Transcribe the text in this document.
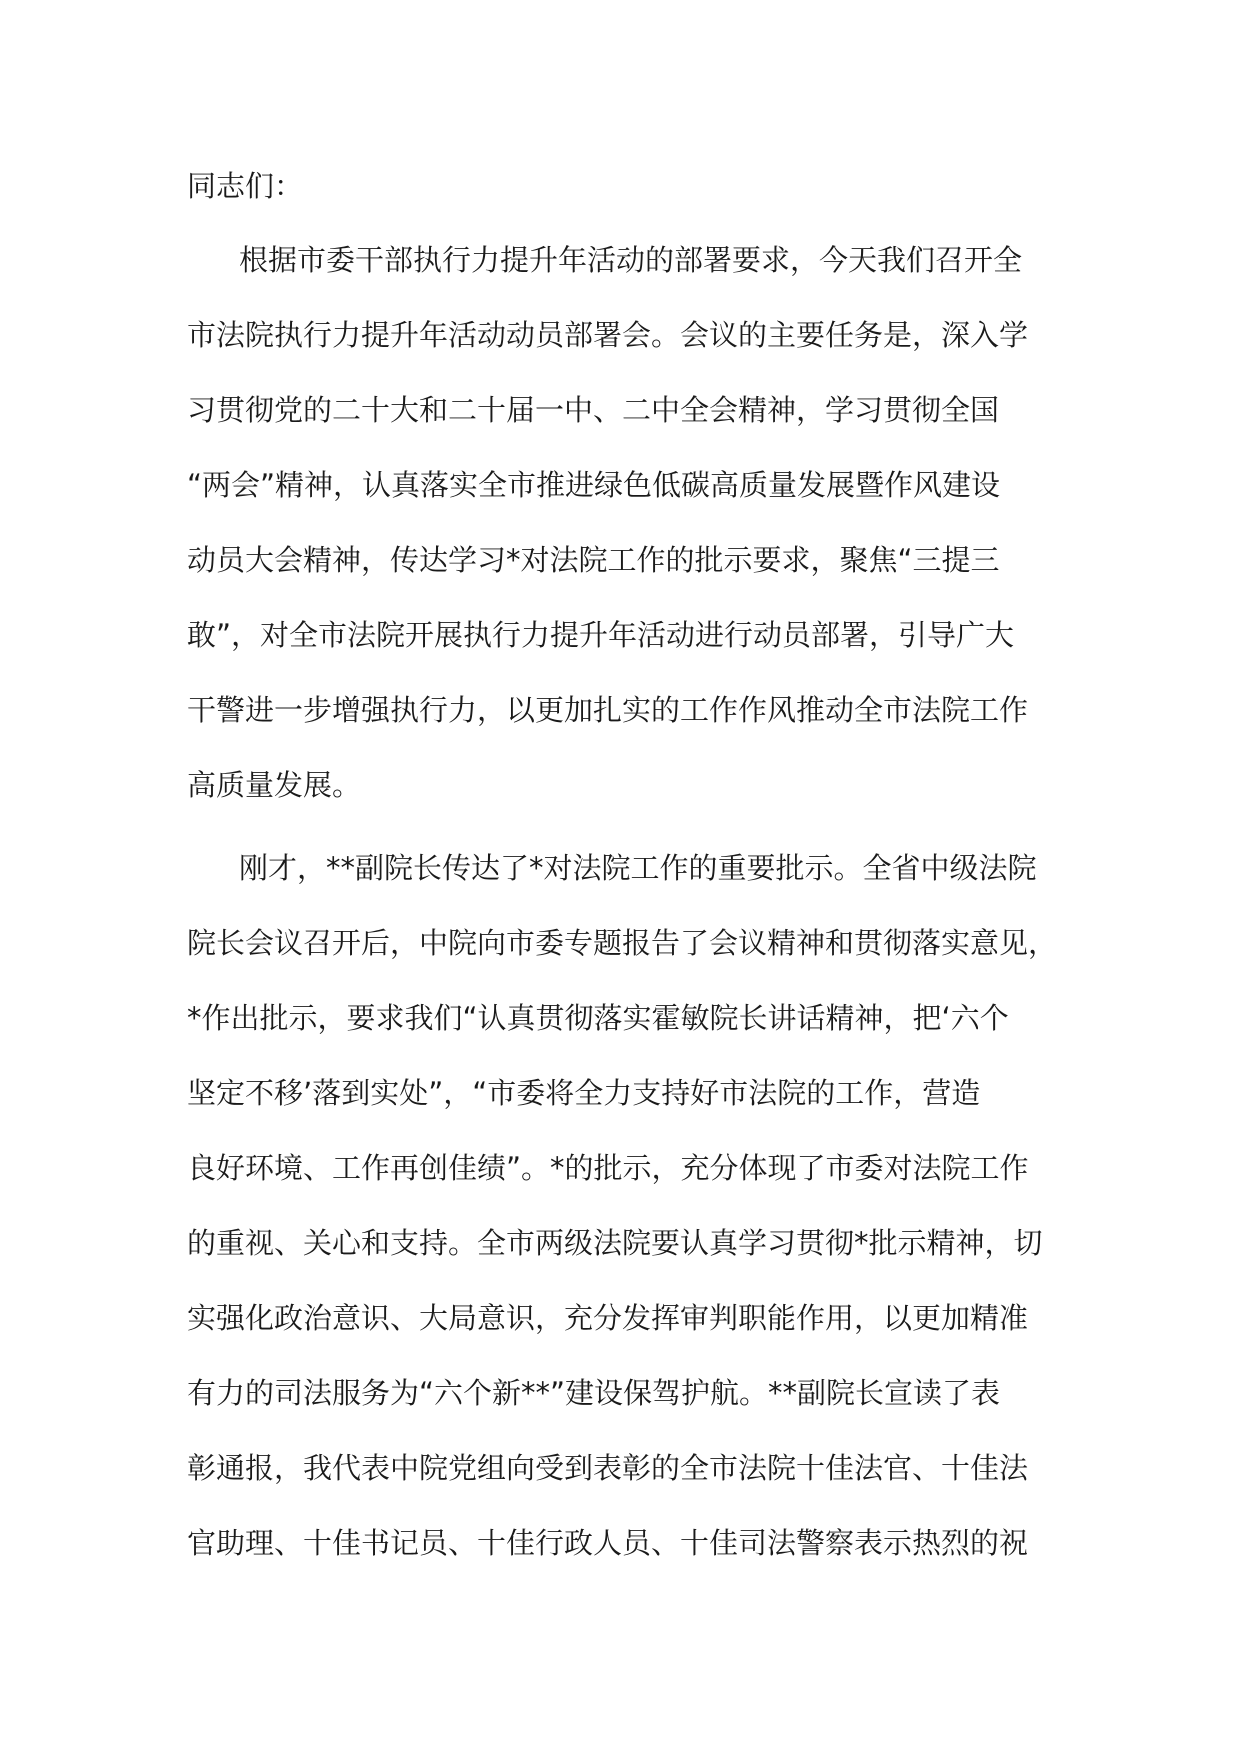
同志们：
根据市委干部执行力提升年活动的部署要求，今天我们召开全
市法院执行力提升年活动动员部署会。会议的主要任务是，深入学
习贯彻党的二十大和二十届一中、二中全会精神，学习贯彻全国
“两会”精神，认真落实全市推进绿色低碳高质量发展暨作风建设
动员大会精神，传达学习*对法院工作的批示要求，聚焦“三提三
敢”，对全市法院开展执行力提升年活动进行动员部署，引导广大
干警进一步增强执行力，以更加扎实的工作作风推动全市法院工作
高质量发展。
刚才，**副院长传达了*对法院工作的重要批示。全省中级法院
院长会议召开后，中院向市委专题报告了会议精神和贯彻落实意见，
*作出批示，要求我们“认真贯彻落实霍敏院长讲话精神，把‘六个
坚定不移’落到实处”，“市委将全力支持好市法院的工作，营造
良好环境、工作再创佳绩”。*的批示，充分体现了市委对法院工作
的重视、关心和支持。全市两级法院要认真学习贯彻*批示精神，切
实强化政治意识、大局意识，充分发挥审判职能作用，以更加精准
有力的司法服务为“六个新**”建设保驾护航。**副院长宣读了表
彰通报，我代表中院党组向受到表彰的全市法院十佳法官、十佳法
官助理、十佳书记员、十佳行政人员、十佳司法警察表示热烈的祝
